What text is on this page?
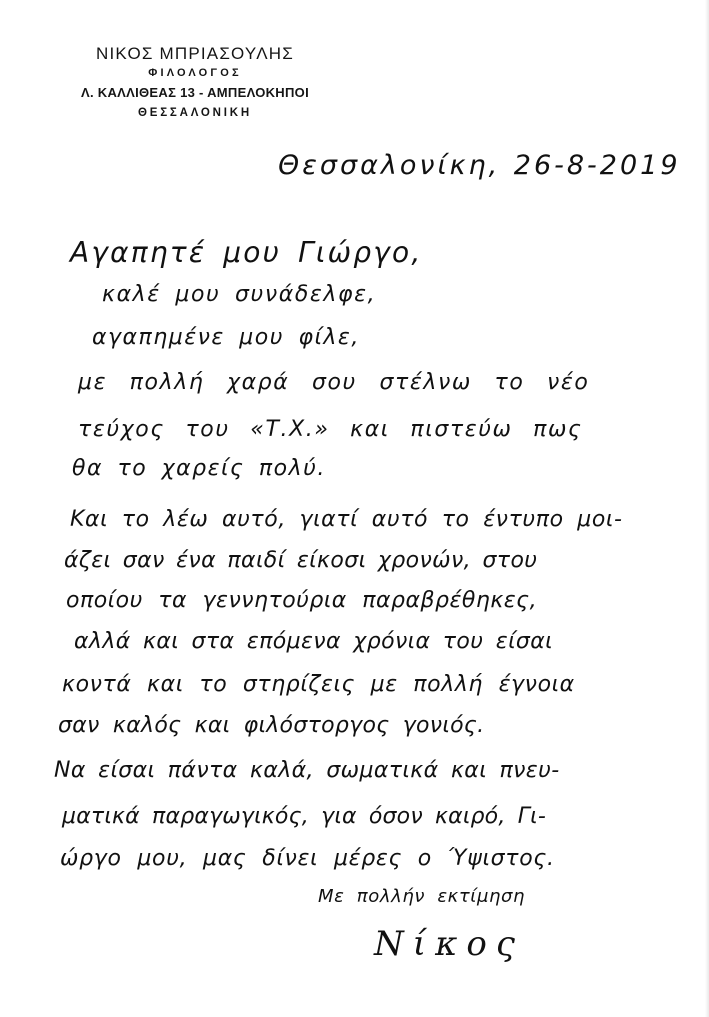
ΝΙΚΟΣ ΜΠΡΙΑΣΟΥΛΗΣ
ΦΙΛΟΛΟΓΟΣ
Λ. ΚΑΛΛΙΘΕΑΣ 13 - ΑΜΠΕΛΟΚΗΠΟΙ
ΘΕΣΣΑΛΟΝΙΚΗ
Θεσσαλονίκη, 26-8-2019
Αγαπητέ μου Γιώργο,
καλέ μου συνάδελφε,
αγαπημένε μου φίλε,
με πολλή χαρά σου στέλνω το νέο
τεύχος του «Τ.Χ.» και πιστεύω πως
θα το χαρείς πολύ.
Και το λέω αυτό, γιατί αυτό το έντυπο μοι-
άζει σαν ένα παιδί είκοσι χρονών, στου
οποίου τα γεννητούρια παραβρέθηκες,
αλλά και στα επόμενα χρόνια του είσαι
κοντά και το στηρίζεις με πολλή έγνοια
σαν καλός και φιλόστοργος γονιός.
Να είσαι πάντα καλά, σωματικά και πνευ-
ματικά παραγωγικός, για όσον καιρό, Γι-
ώργο μου, μας δίνει μέρες ο Ύψιστος.
Με πολλήν εκτίμηση
Νίκος
